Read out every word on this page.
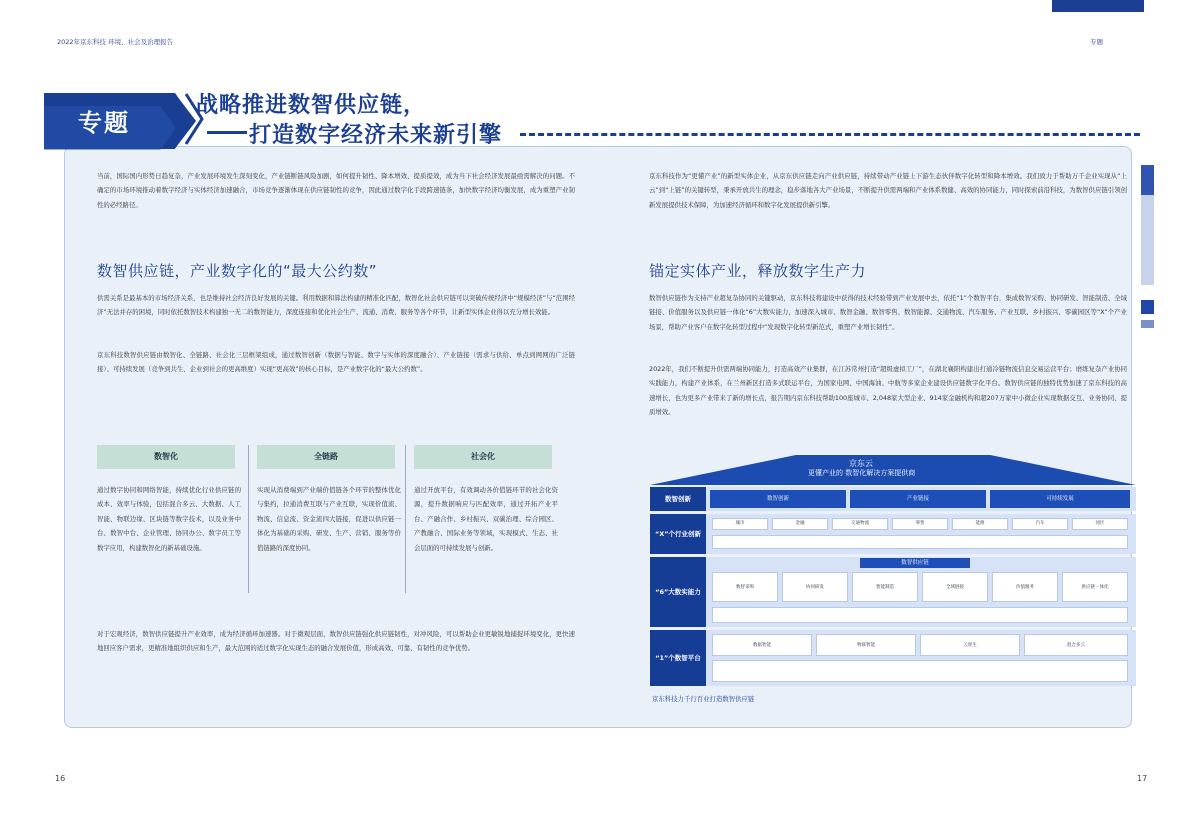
2022年京东科技 环境、社会及治理报告	专题
专题
战略推进数智供应链，
打造数字经济未来新引擎
当前，国际国内形势日趋复杂，产业发展环境发生深刻变化，产业链断链风险加剧，如何提升韧性、降本增效、提质提效，成为当下社会经济发展最亟需解决的问题。不确定的市场环境推动着数字经济与实体经济加速融合，市场竞争逐渐体现在供应链韧性的竞争，因此通过数字化手段跨速链条，加快数字经济均衡发展，成为重塑产业韧性的必经路径。
京东科技作为“更懂产业”的新型实体企业，从京东供应链走向产业供应链，持续带动产业链上下游生态伙伴数字化转型和降本增效。我们致力于帮助万千企业实现从“上云”到“上链”的关键转型，秉承开放共生的理念，稳步落地各大产业场景，不断提升供需两端和产业体系数健、高效的协同能力，同时探索前沿科技，为数智供应链引领创新发展提供技术保障，为加速经济循环和数字化发展提供新引擎。
数智供应链，产业数字化的“最大公约数”
供需关系是最基本的市场经济关系，也是维持社会经济良好发展的关键。利用数据和算法构建的精准化匹配，数智化社会供应链可以突破传统经济中“规模经济”与“范围经济”无法并存的困境，同时依托数智技术构建独一无二的数智能力，深度连接和优化社会生产、流通、消费、服务等各个环节，让新型实体企业得以充分增长效能。
京东科技数智供应链由数智化、全链路、社会化三层框架组成，通过数智创新（数据与智能、数字与实体的深度融合）、产业链接（需求与供给、单点到网网的广泛链接）、可持续发展（竞争到共生、企业到社会的更高维度）实现“更高效”的核心目标，是产业数字化的“最大公约数”。
数智化	全链路	社会化
通过数字协同和网络智能，持续优化行业供应链的成本、效率与体验，包括混合多云、大数据、人工智能、物联边缘、区块链等数字技术，以及业务中台、数智中台、企业管理、协同办公、数字员工等数字应用，构建数智化的新基础设施。
实现从消费端到产业端价值链各个环节的整体优化与集约，拉通消费互联与产业互联，实现价值流、物流、信息流、资金流四大链接，促进以供应链一体化为基础的采购、研发、生产、营销、服务等价值链路的深度协同。
通过开放平台，有效调动各价值链环节的社会化资源，提升数据响应与匹配效率，通过开拓产业平台、产融合作、乡村振兴、双碳治理、综合园区、产教融合、国际业务等领域，实现模式、生态、社会层面的可持续发展与创新。
对于宏观经济，数智供应链提升产业效率，成为经济循环加速器。对于微观层面，数智供应链强化供应链韧性，对冲风险，可以帮助企业更敏锐地捕捉环境变化，更快速地回应客户需求，更精准地组织供应和生产，最大范围的适过数字化实现生态的融合发展价值，形成高效、可靠、有韧性的竞争优势。
锚定实体产业，释放数字生产力
数智供应链作为支持产业超复杂协同的关键驱动，京东科技将建设中获得的技术经验带到产业发展中去，依托“1”个数智平台，集成数智采购、协同研发、智能制造、全域链接、价值服务以及供应链一体化“6”大数实能力，加速深入城市、数智金融、数智零售、数智能源、交通物流、汽车服务、产业互联、乡村振兴、零碳园区等“X”个产业场景，帮助产业客户在数字化转型过程中“发现数字化转型新范式，重塑产业增长韧性”。
2022年，我们不断提升供需两端协同能力，打造高效产业集群，在江苏常州打造“超级虚拟工厂”，在湖北襄阳构建出打通冷链物流信息交易运营平台；磨练复杂产业协同实践能力，构建产业体系，在兰州新区打造多式联运平台，为国家电网、中国海油、中航等多家企业建设供应链数字化平台。数智供应链的独特优势加速了京东科技的高速增长，也为更多产业带来了新的增长点，报告期内京东科技帮助100座城市、2,048家大型企业、914家金融机构和超207万家中小微企业实现数据交互、业务协同、提质增效。
京东云
更懂产业的 数智化解决方案提供商
数智创新	数智创新	产业链接	可持续发展
“X”个行业创新
城市	金融	交通物流	零售	能源	汽车	园区
“6”大数实能力
数智供应链
数智采购	协同研发	智能制造	全域链接	价值服务	供应链一体化
“1”个数智平台
数据智能	物联智能	云原生	混合多云
京东科技力千行百业打造数智供应链
16	17
